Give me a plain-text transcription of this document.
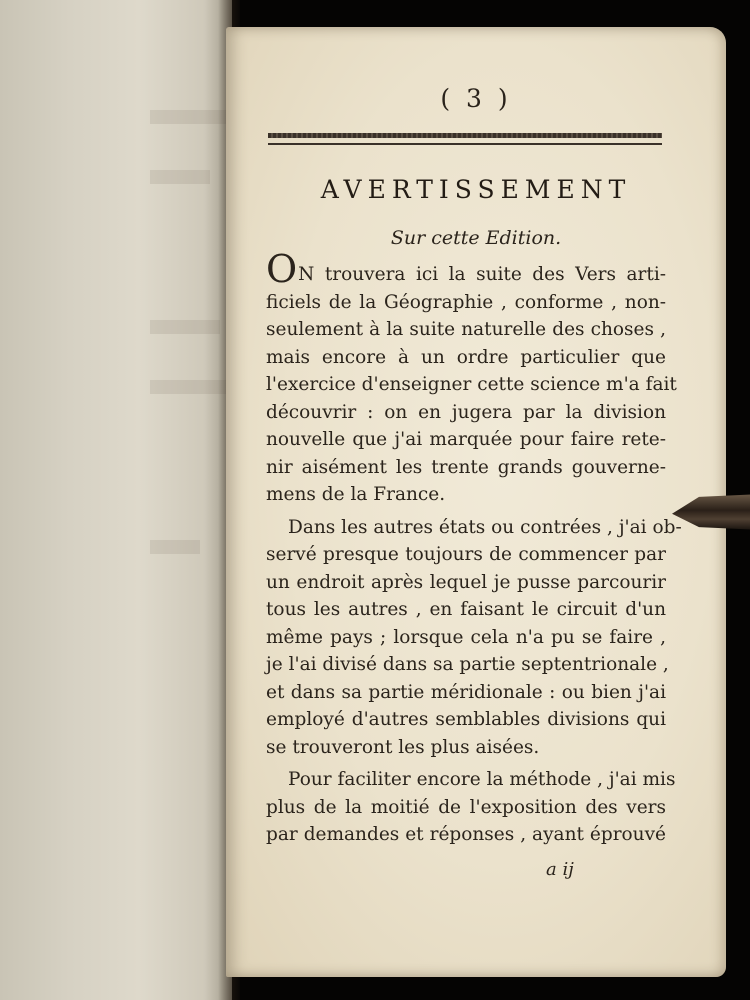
( 3 )
AVERTISSEMENT
Sur cette Edition.

ON trouvera ici la suite des Vers arti-
ficiels de la Géographie , conforme , non-
seulement à la suite naturelle des choses ,
mais encore à un ordre particulier que
l'exercice d'enseigner cette science m'a fait
découvrir : on en jugera par la division
nouvelle que j'ai marquée pour faire rete-
nir aisément les trente grands gouverne-
mens de la France.

Dans les autres états ou contrées , j'ai ob-
servé presque toujours de commencer par
un endroit après lequel je pusse parcourir
tous les autres , en faisant le circuit d'un
même pays ; lorsque cela n'a pu se faire ,
je l'ai divisé dans sa partie septentrionale ,
et dans sa partie méridionale : ou bien j'ai
employé d'autres semblables divisions qui
se trouveront les plus aisées.

Pour faciliter encore la méthode , j'ai mis
plus de la moitié de l'exposition des vers
par demandes et réponses , ayant éprouvé

a ij
